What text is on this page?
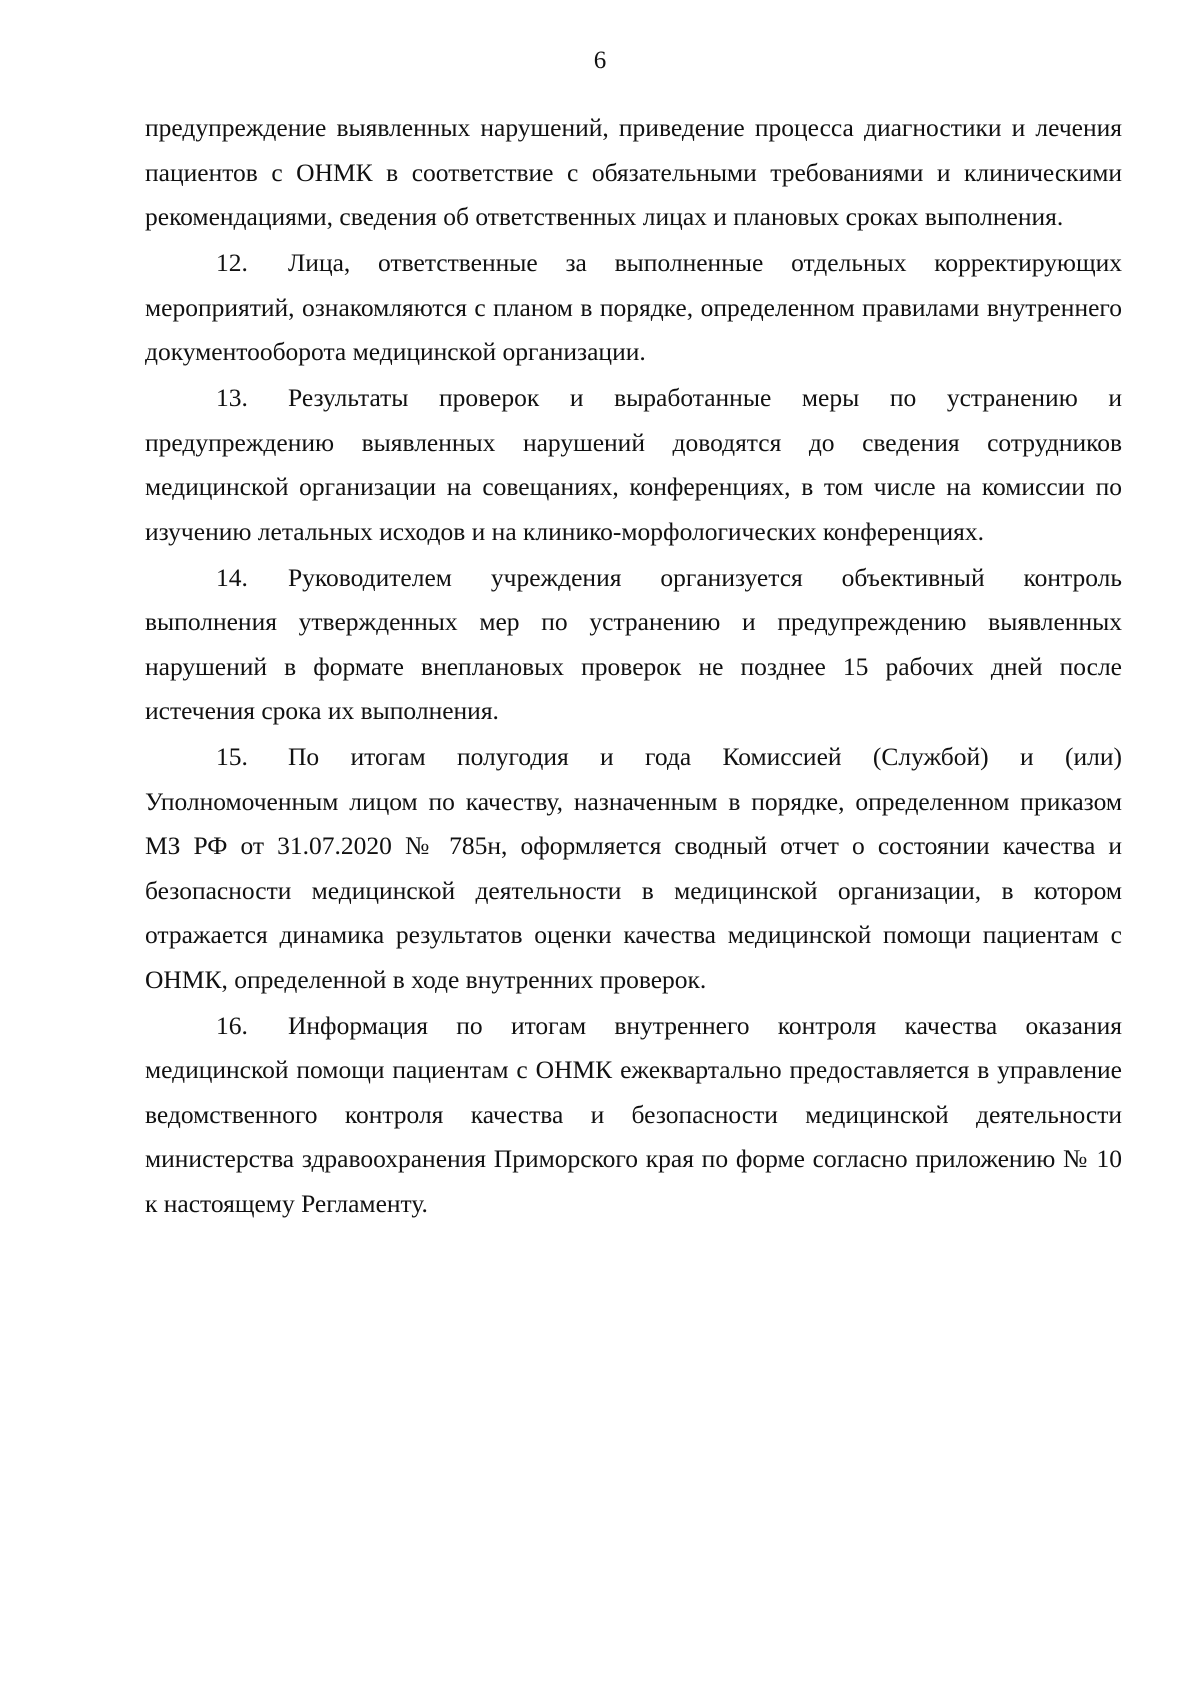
6

предупреждение выявленных нарушений, приведение процесса диагностики и лечения пациентов с ОНМК в соответствие с обязательными требованиями и клиническими рекомендациями, сведения об ответственных лицах и плановых сроках выполнения.

12. Лица, ответственные за выполненные отдельных корректирующих мероприятий, ознакомляются с планом в порядке, определенном правилами внутреннего документооборота медицинской организации.

13. Результаты проверок и выработанные меры по устранению и предупреждению выявленных нарушений доводятся до сведения сотрудников медицинской организации на совещаниях, конференциях, в том числе на комиссии по изучению летальных исходов и на клинико-морфологических конференциях.

14. Руководителем учреждения организуется объективный контроль выполнения утвержденных мер по устранению и предупреждению выявленных нарушений в формате внеплановых проверок не позднее 15 рабочих дней после истечения срока их выполнения.

15. По итогам полугодия и года Комиссией (Службой) и (или) Уполномоченным лицом по качеству, назначенным в порядке, определенном приказом МЗ РФ от 31.07.2020 № 785н, оформляется сводный отчет о состоянии качества и безопасности медицинской деятельности в медицинской организации, в котором отражается динамика результатов оценки качества медицинской помощи пациентам с ОНМК, определенной в ходе внутренних проверок.

16. Информация по итогам внутреннего контроля качества оказания медицинской помощи пациентам с ОНМК ежеквартально предоставляется в управление ведомственного контроля качества и безопасности медицинской деятельности министерства здравоохранения Приморского края по форме согласно приложению № 10 к настоящему Регламенту.
